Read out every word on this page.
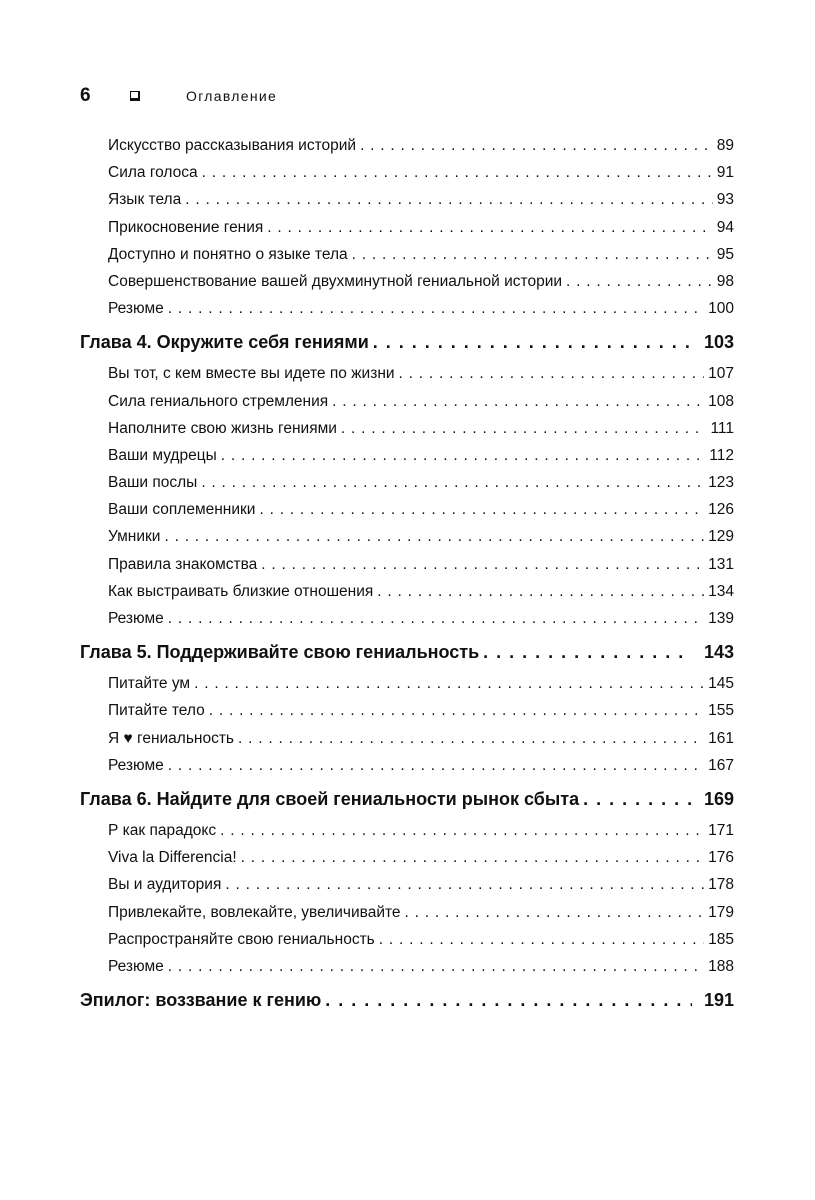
6	Оглавление
Искусство рассказывания историй . . .	89
Сила голоса . . .	91
Язык тела . . .	93
Прикосновение гения . . .	94
Доступно и понятно о языке тела . . .	95
Совершенствование вашей двухминутной гениальной истории . . .	98
Резюме . . .	100
Глава 4. Окружите себя гениями . . .	103
Вы тот, с кем вместе вы идете по жизни . . .	107
Сила гениального стремления . . .	108
Наполните свою жизнь гениями . . .	111
Ваши мудрецы . . .	112
Ваши послы . . .	123
Ваши соплеменники . . .	126
Умники . . .	129
Правила знакомства . . .	131
Как выстраивать близкие отношения . . .	134
Резюме . . .	139
Глава 5. Поддерживайте свою гениальность . . .	143
Питайте ум . . .	145
Питайте тело . . .	155
Я ♥ гениальность . . .	161
Резюме . . .	167
Глава 6. Найдите для своей гениальности рынок сбыта . . .	169
Р как парадокс . . .	171
Viva la Differencia! . . .	176
Вы и аудитория . . .	178
Привлекайте, вовлекайте, увеличивайте . . .	179
Распространяйте свою гениальность . . .	185
Резюме . . .	188
Эпилог: воззвание к гению . . .	191
